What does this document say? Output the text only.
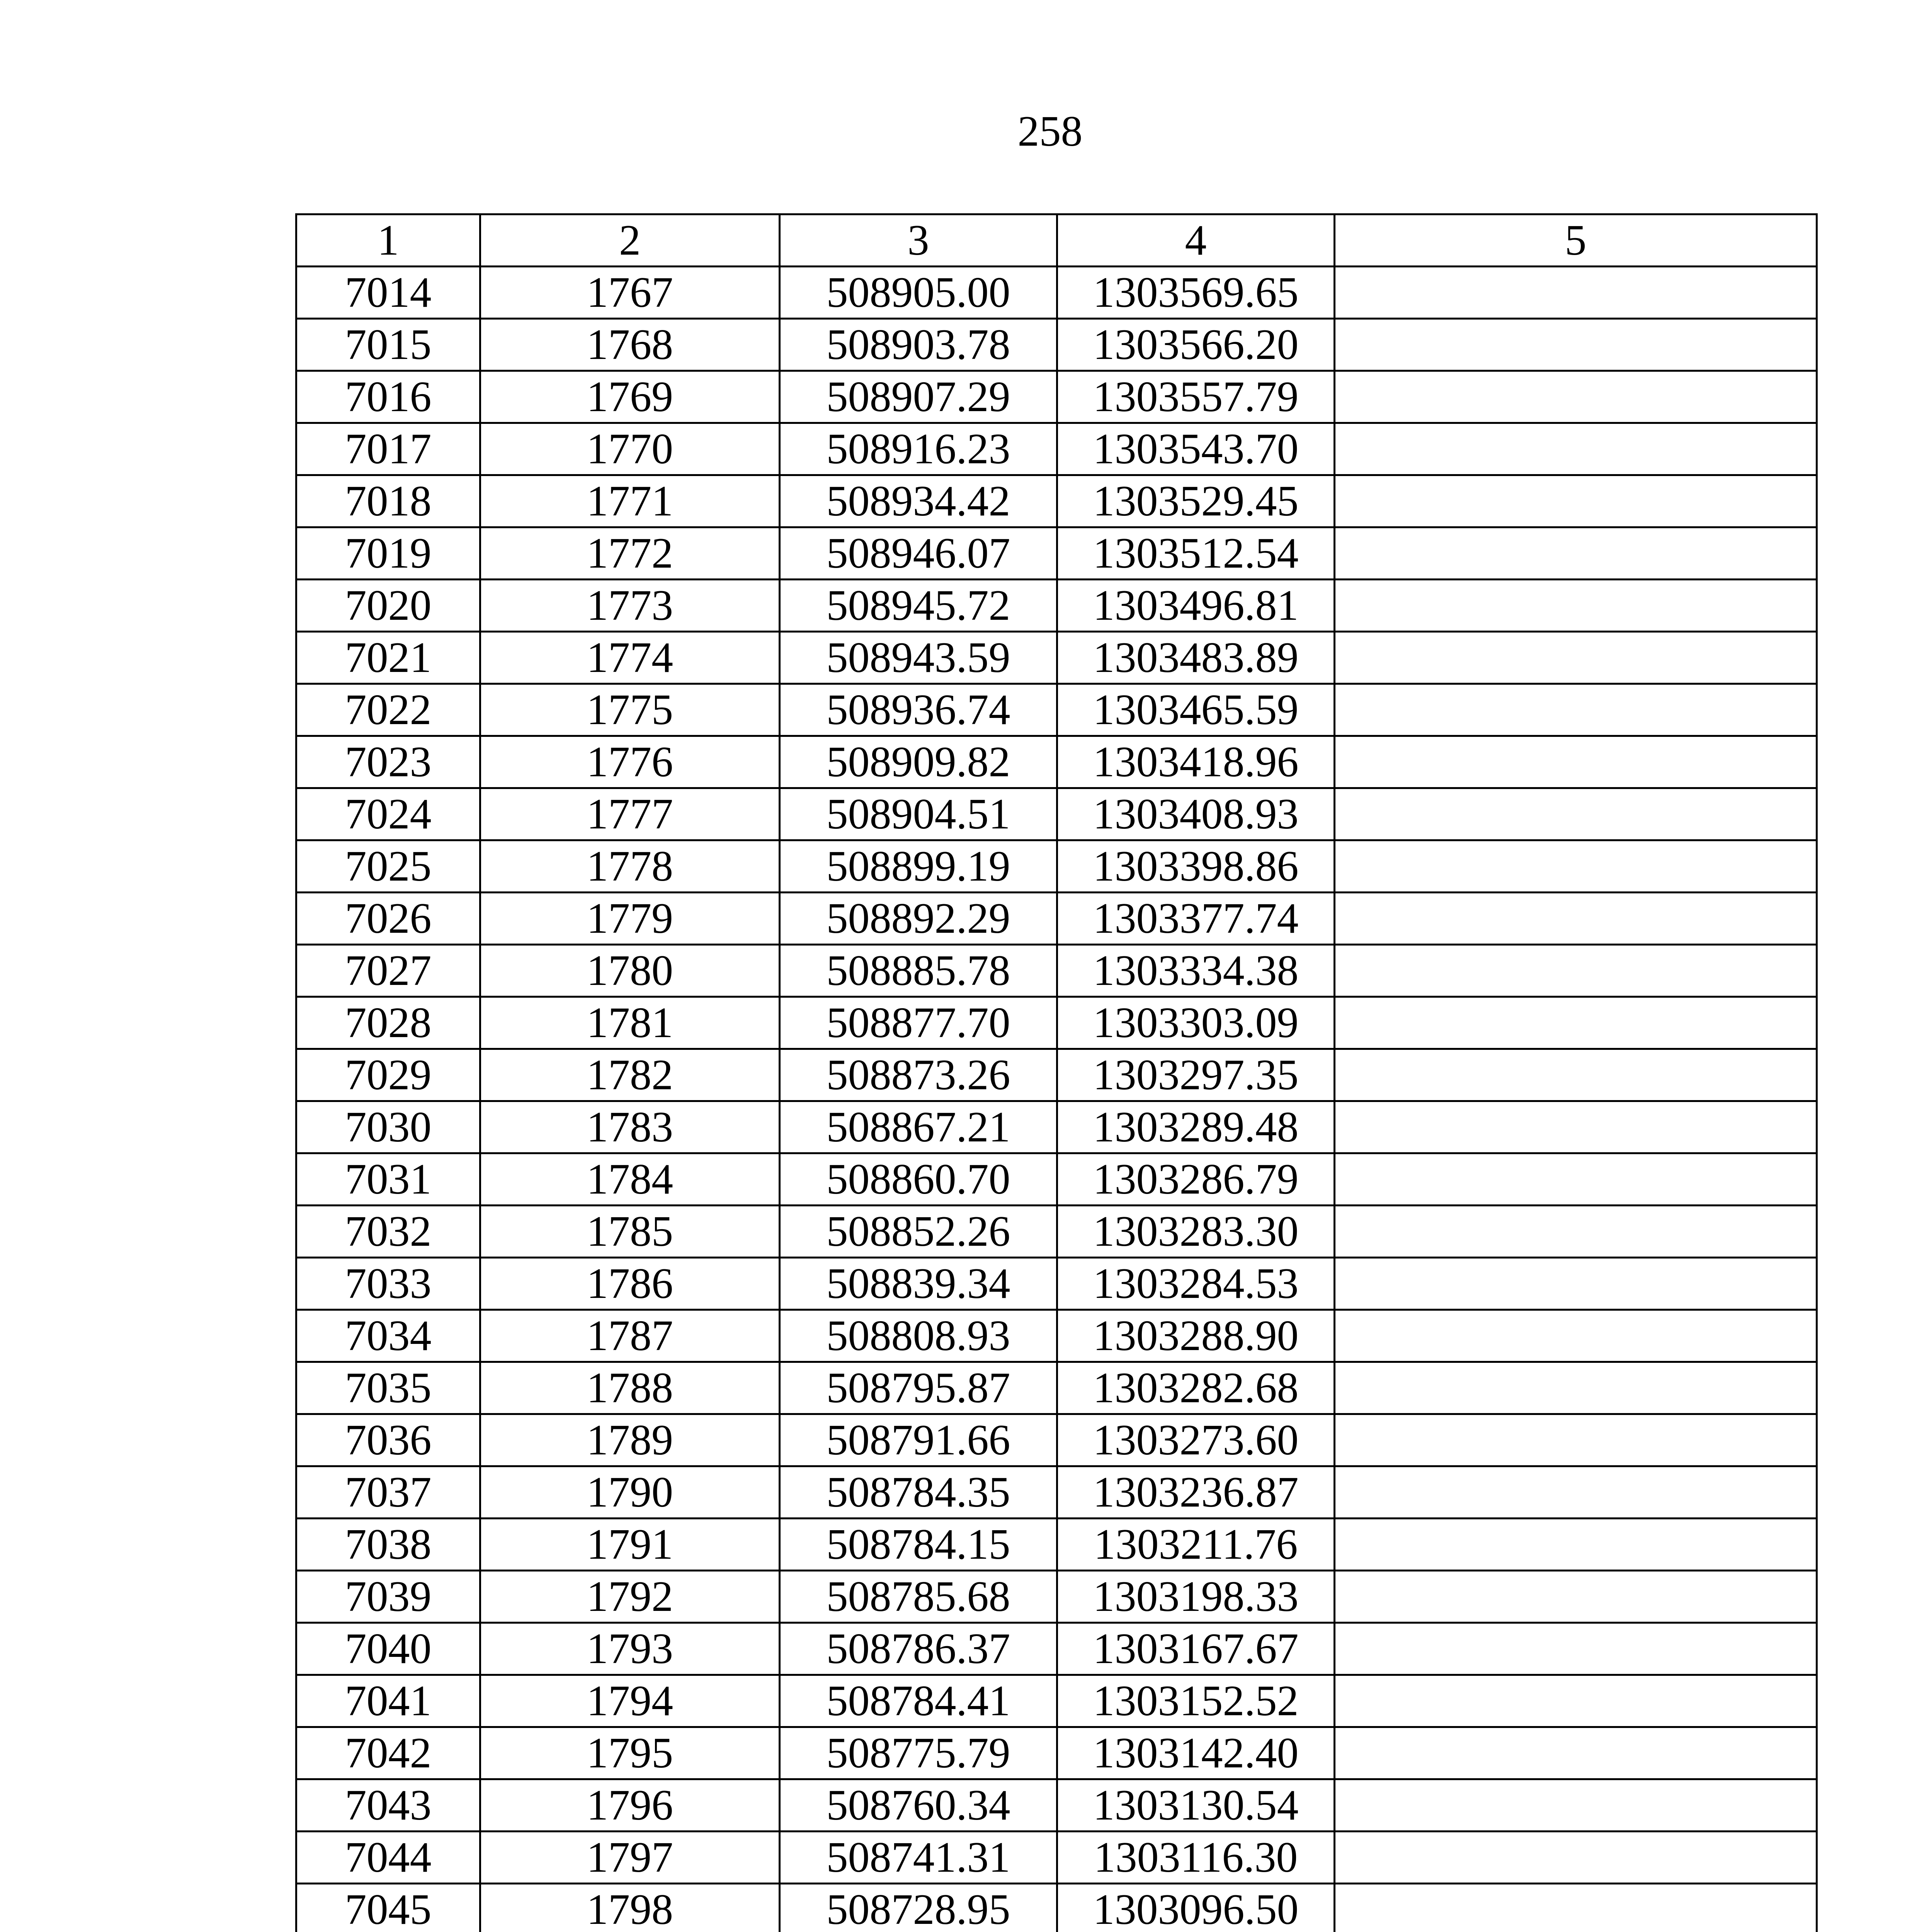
258
1	2	3	4	5
7014	1767	508905.00	1303569.65	
7015	1768	508903.78	1303566.20	
7016	1769	508907.29	1303557.79	
7017	1770	508916.23	1303543.70	
7018	1771	508934.42	1303529.45	
7019	1772	508946.07	1303512.54	
7020	1773	508945.72	1303496.81	
7021	1774	508943.59	1303483.89	
7022	1775	508936.74	1303465.59	
7023	1776	508909.82	1303418.96	
7024	1777	508904.51	1303408.93	
7025	1778	508899.19	1303398.86	
7026	1779	508892.29	1303377.74	
7027	1780	508885.78	1303334.38	
7028	1781	508877.70	1303303.09	
7029	1782	508873.26	1303297.35	
7030	1783	508867.21	1303289.48	
7031	1784	508860.70	1303286.79	
7032	1785	508852.26	1303283.30	
7033	1786	508839.34	1303284.53	
7034	1787	508808.93	1303288.90	
7035	1788	508795.87	1303282.68	
7036	1789	508791.66	1303273.60	
7037	1790	508784.35	1303236.87	
7038	1791	508784.15	1303211.76	
7039	1792	508785.68	1303198.33	
7040	1793	508786.37	1303167.67	
7041	1794	508784.41	1303152.52	
7042	1795	508775.79	1303142.40	
7043	1796	508760.34	1303130.54	
7044	1797	508741.31	1303116.30	
7045	1798	508728.95	1303096.50	
